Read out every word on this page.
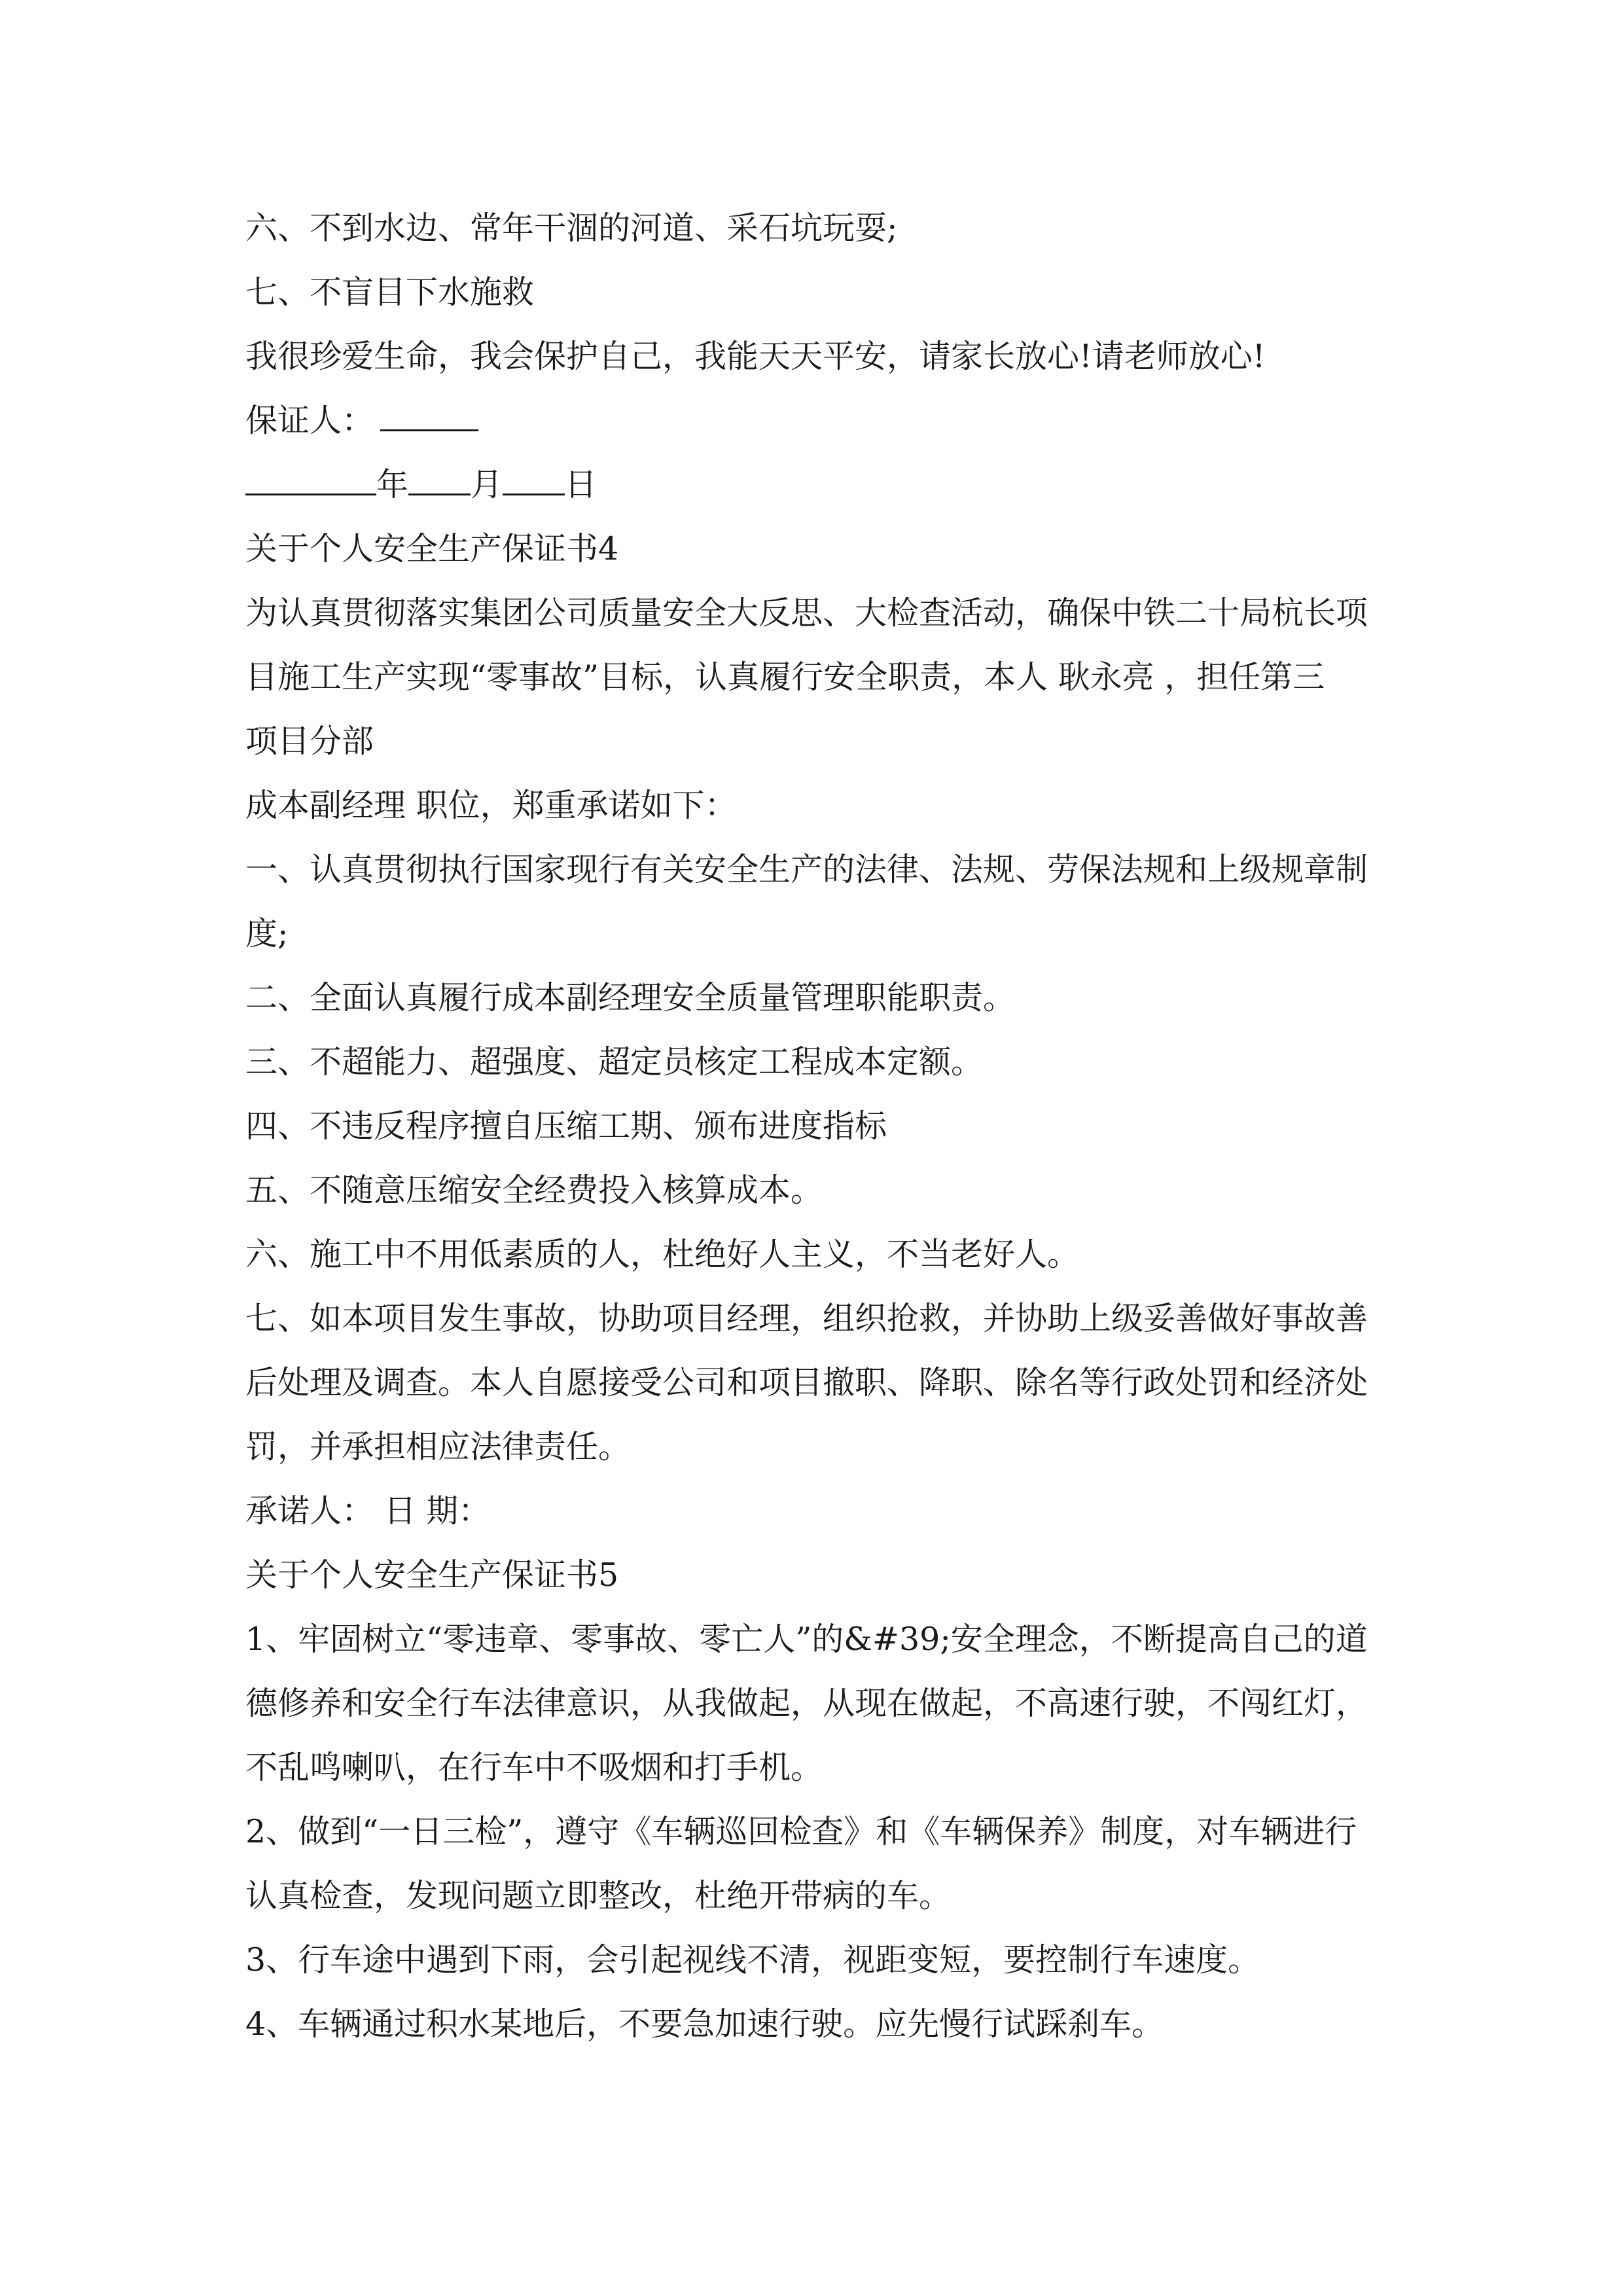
六、不到水边、常年干涸的河道、采石坑玩耍;
七、不盲目下水施救
我很珍爱生命，我会保护自己，我能天天平安，请家长放心!请老师放心!
保证人：
年 月 日
关于个人安全生产保证书4
为认真贯彻落实集团公司质量安全大反思、大检查活动，确保中铁二十局杭长项
目施工生产实现“零事故”目标，认真履行安全职责，本人 耿永亮 ，担任第三
项目分部
成本副经理 职位，郑重承诺如下：
一、认真贯彻执行国家现行有关安全生产的法律、法规、劳保法规和上级规章制
度;
二、全面认真履行成本副经理安全质量管理职能职责。
三、不超能力、超强度、超定员核定工程成本定额。
四、不违反程序擅自压缩工期、颁布进度指标
五、不随意压缩安全经费投入核算成本。
六、施工中不用低素质的人，杜绝好人主义，不当老好人。
七、如本项目发生事故，协助项目经理，组织抢救，并协助上级妥善做好事故善
后处理及调查。本人自愿接受公司和项目撤职、降职、除名等行政处罚和经济处
罚，并承担相应法律责任。
承诺人： 日 期：
关于个人安全生产保证书5
1、牢固树立“零违章、零事故、零亡人”的&#39;安全理念，不断提高自己的道
德修养和安全行车法律意识，从我做起，从现在做起，不高速行驶，不闯红灯，
不乱鸣喇叭，在行车中不吸烟和打手机。
2、做到“一日三检”，遵守《车辆巡回检查》和《车辆保养》制度，对车辆进行
认真检查，发现问题立即整改，杜绝开带病的车。
3、行车途中遇到下雨，会引起视线不清，视距变短，要控制行车速度。
4、车辆通过积水某地后，不要急加速行驶。应先慢行试踩刹车。
